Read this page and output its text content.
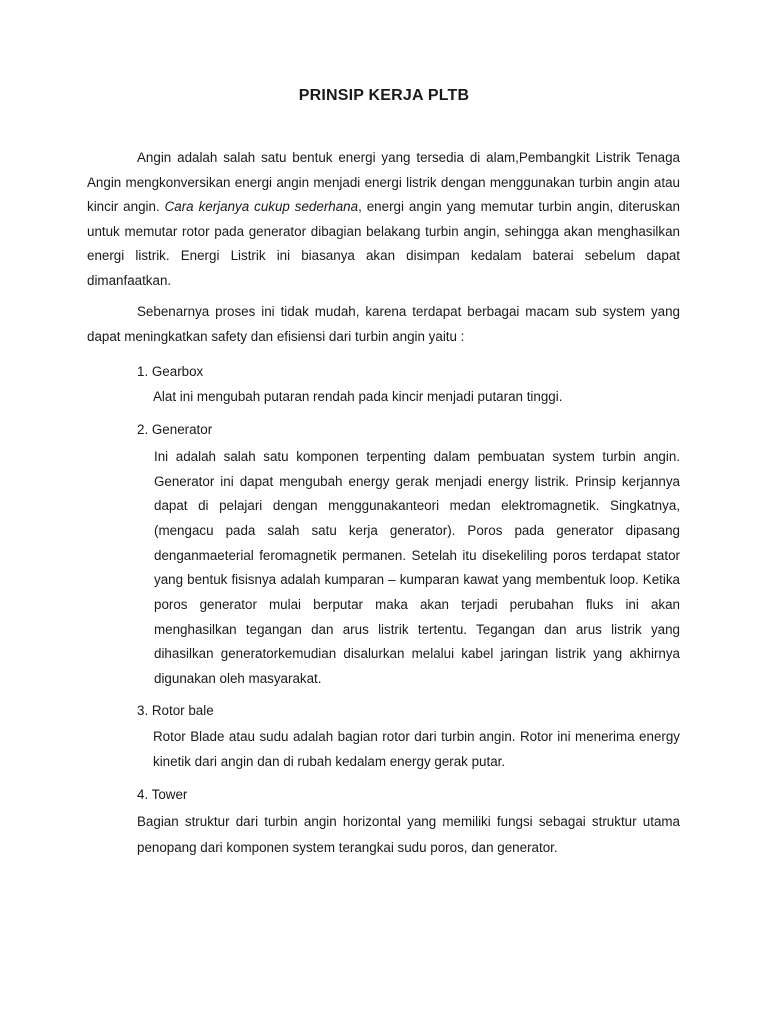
PRINSIP KERJA PLTB

Angin adalah salah satu bentuk energi yang tersedia di alam,Pembangkit Listrik Tenaga Angin mengkonversikan energi angin menjadi energi listrik dengan menggunakan turbin angin atau kincir angin. Cara kerjanya cukup sederhana, energi angin yang memutar turbin angin, diteruskan untuk memutar rotor pada generator dibagian belakang turbin angin, sehingga akan menghasilkan energi listrik. Energi Listrik ini biasanya akan disimpan kedalam baterai sebelum dapat dimanfaatkan.

Sebenarnya proses ini tidak mudah, karena terdapat berbagai macam sub system yang dapat meningkatkan safety dan efisiensi dari turbin angin yaitu :

1. Gearbox

Alat ini mengubah putaran rendah pada kincir menjadi putaran tinggi.

2. Generator

Ini adalah salah satu komponen terpenting dalam pembuatan system turbin angin. Generator ini dapat mengubah energy gerak menjadi energy listrik. Prinsip kerjannya dapat di pelajari dengan menggunakanteori medan elektromagnetik. Singkatnya, (mengacu pada salah satu kerja generator). Poros pada generator dipasang denganmaeterial feromagnetik permanen. Setelah itu disekeliling poros terdapat stator yang bentuk fisisnya adalah kumparan – kumparan kawat yang membentuk loop. Ketika poros generator mulai berputar maka akan terjadi perubahan fluks ini akan menghasilkan tegangan dan arus listrik tertentu. Tegangan dan arus listrik yang dihasilkan generatorkemudian disalurkan melalui kabel jaringan listrik yang akhirnya digunakan oleh masyarakat.

3. Rotor bale

Rotor Blade atau sudu adalah bagian rotor dari turbin angin. Rotor ini menerima energy kinetik dari angin dan di rubah kedalam energy gerak putar.

4. Tower

Bagian struktur dari turbin angin horizontal yang memiliki fungsi sebagai struktur utama penopang dari komponen system terangkai sudu poros, dan generator.
